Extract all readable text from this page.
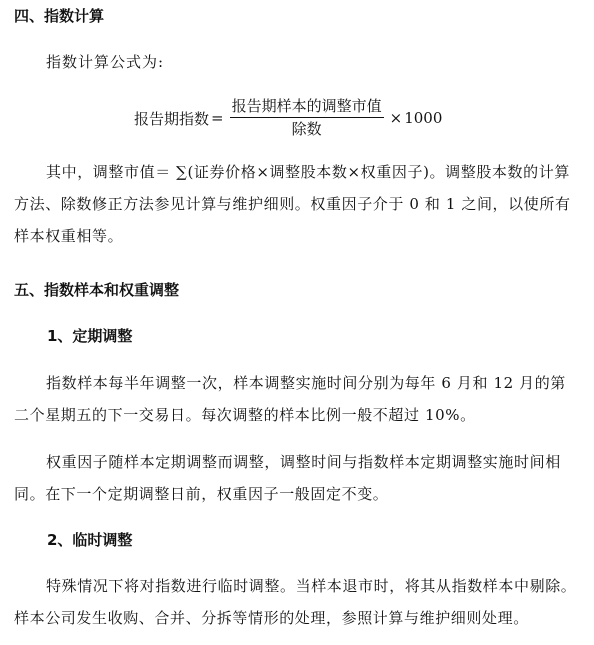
四、指数计算
指数计算公式为:
报告期指数 = $\frac{\text{报告期样本的调整市值}}{\text{除数}} \times 1000$
其中，调整市值＝ ∑(证券价格×调整股本数×权重因子)。调整股本数的计算方法、除数修正方法参见计算与维护细则。权重因子介于 0 和 1 之间，以使所有样本权重相等。
五、指数样本和权重调整
1、定期调整
指数样本每半年调整一次，样本调整实施时间分别为每年 6 月和 12 月的第二个星期五的下一交易日。每次调整的样本比例一般不超过 10%。
权重因子随样本定期调整而调整，调整时间与指数样本定期调整实施时间相同。在下一个定期调整日前，权重因子一般固定不变。
2、临时调整
特殊情况下将对指数进行临时调整。当样本退市时，将其从指数样本中剔除。样本公司发生收购、合并、分拆等情形的处理，参照计算与维护细则处理。
